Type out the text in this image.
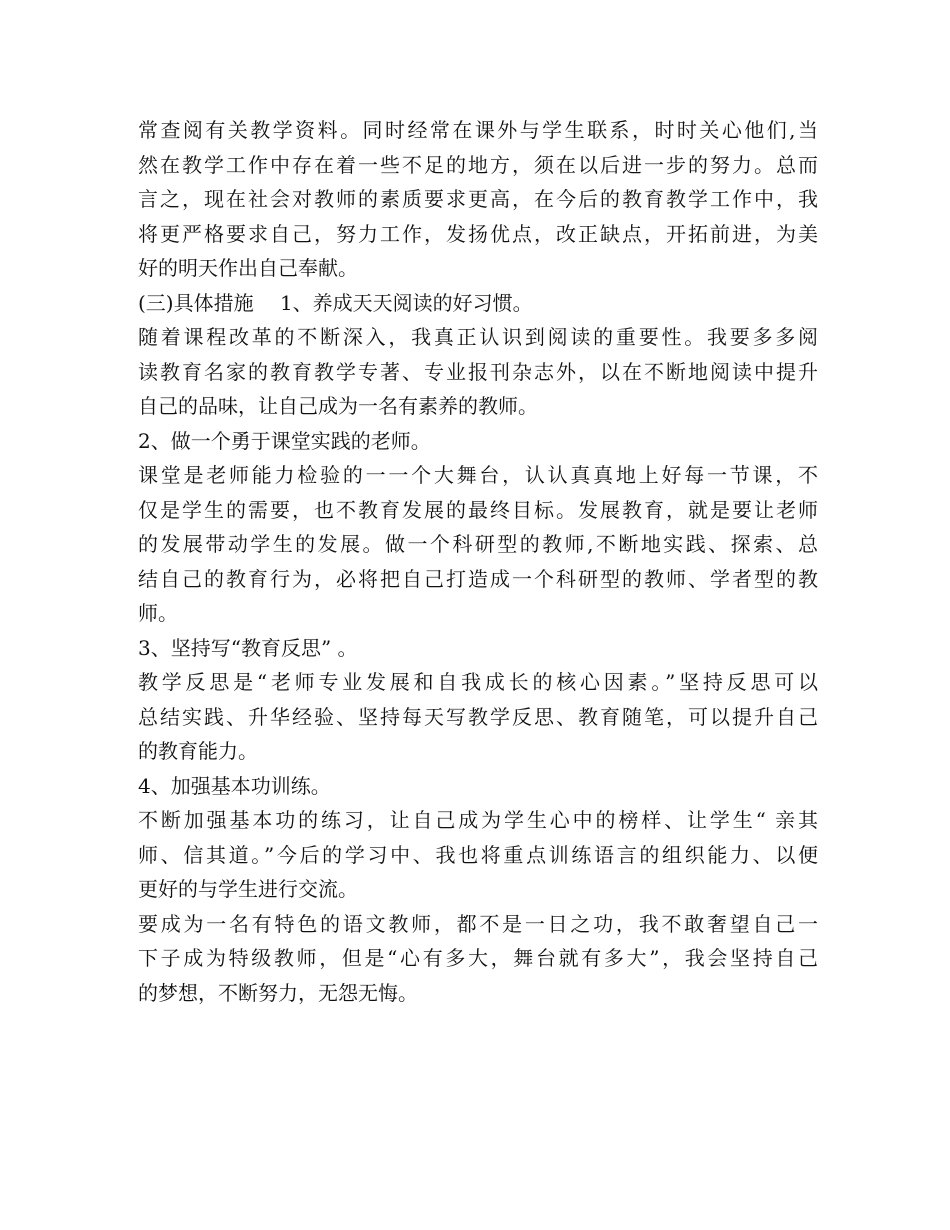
常查阅有关教学资料。同时经常在课外与学生联系，时时关心他们,当
然在教学工作中存在着一些不足的地方，须在以后进一步的努力。总而
言之，现在社会对教师的素质要求更高，在今后的教育教学工作中，我
将更严格要求自己，努力工作，发扬优点，改正缺点，开拓前进，为美
好的明天作出自己奉献。
(三)具体措施　 1、养成天天阅读的好习惯。
随着课程改革的不断深入，我真正认识到阅读的重要性。我要多多阅
读教育名家的教育教学专著、专业报刊杂志外，以在不断地阅读中提升
自己的品味，让自己成为一名有素养的教师。
2、做一个勇于课堂实践的老师。
课堂是老师能力检验的一一个大舞台，认认真真地上好每一节课，不
仅是学生的需要，也不教育发展的最终目标。发展教育，就是要让老师
的发展带动学生的发展。做一个科研型的教师,不断地实践、探索、总
结自己的教育行为，必将把自己打造成一个科研型的教师、学者型的教
师。
3、坚持写“教育反思” 。
教学反思是“老师专业发展和自我成长的核心因素。”坚持反思可以
总结实践、升华经验、坚持每天写教学反思、教育随笔，可以提升自己
的教育能力。
4、加强基本功训练。
不断加强基本功的练习，让自己成为学生心中的榜样、让学生“ 亲其
师、信其道。”今后的学习中、我也将重点训练语言的组织能力、以便
更好的与学生进行交流。
要成为一名有特色的语文教师，都不是一日之功，我不敢奢望自己一
下子成为特级教师，但是“心有多大，舞台就有多大”，我会坚持自己
的梦想，不断努力，无怨无悔。
